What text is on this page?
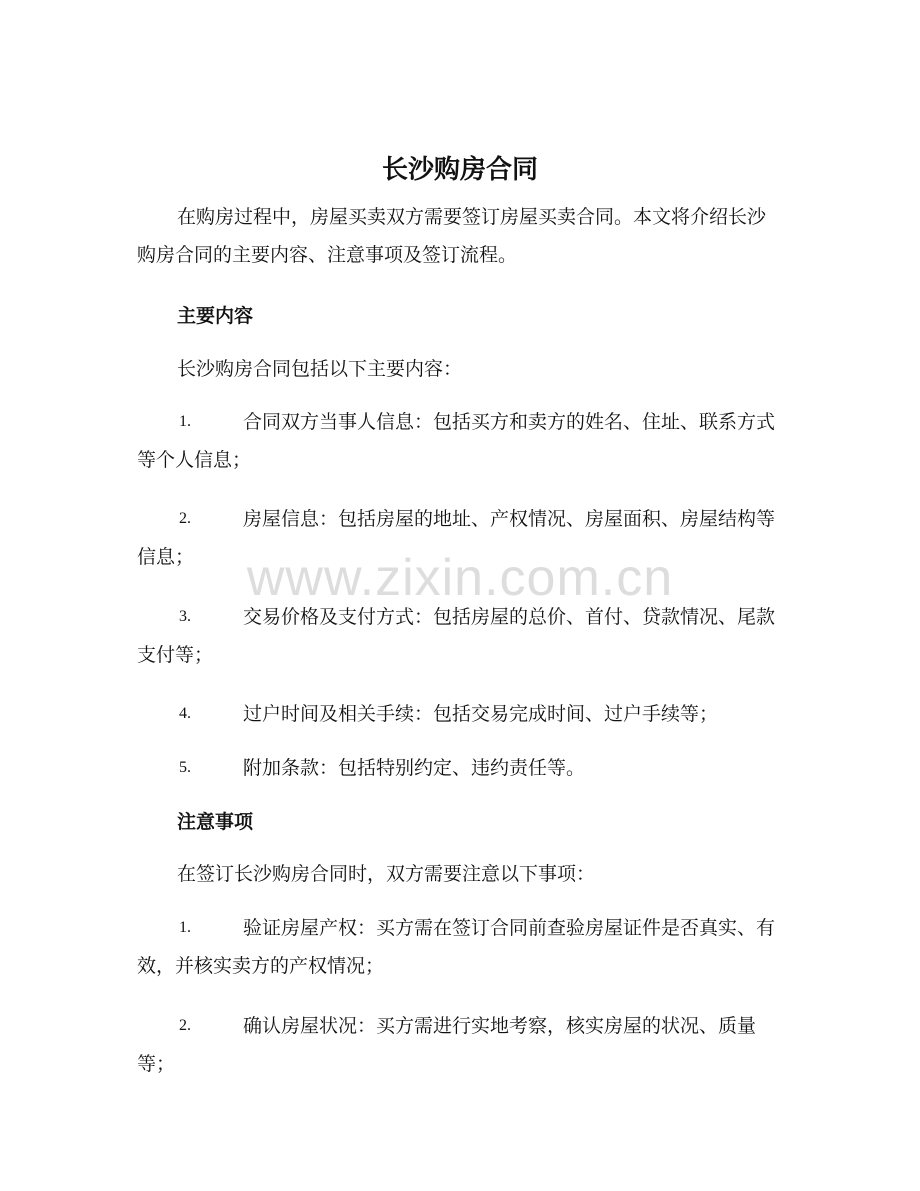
长沙购房合同
在购房过程中，房屋买卖双方需要签订房屋买卖合同。本文将介绍长沙购房合同的主要内容、注意事项及签订流程。
主要内容
长沙购房合同包括以下主要内容：
1.	合同双方当事人信息：包括买方和卖方的姓名、住址、联系方式等个人信息；
2.	房屋信息：包括房屋的地址、产权情况、房屋面积、房屋结构等信息；
3.	交易价格及支付方式：包括房屋的总价、首付、贷款情况、尾款支付等；
4.	过户时间及相关手续：包括交易完成时间、过户手续等；
5.	附加条款：包括特别约定、违约责任等。
注意事项
在签订长沙购房合同时，双方需要注意以下事项：
1.	验证房屋产权：买方需在签订合同前查验房屋证件是否真实、有效，并核实卖方的产权情况；
2.	确认房屋状况：买方需进行实地考察，核实房屋的状况、质量等；
www.zixin.com.cn
